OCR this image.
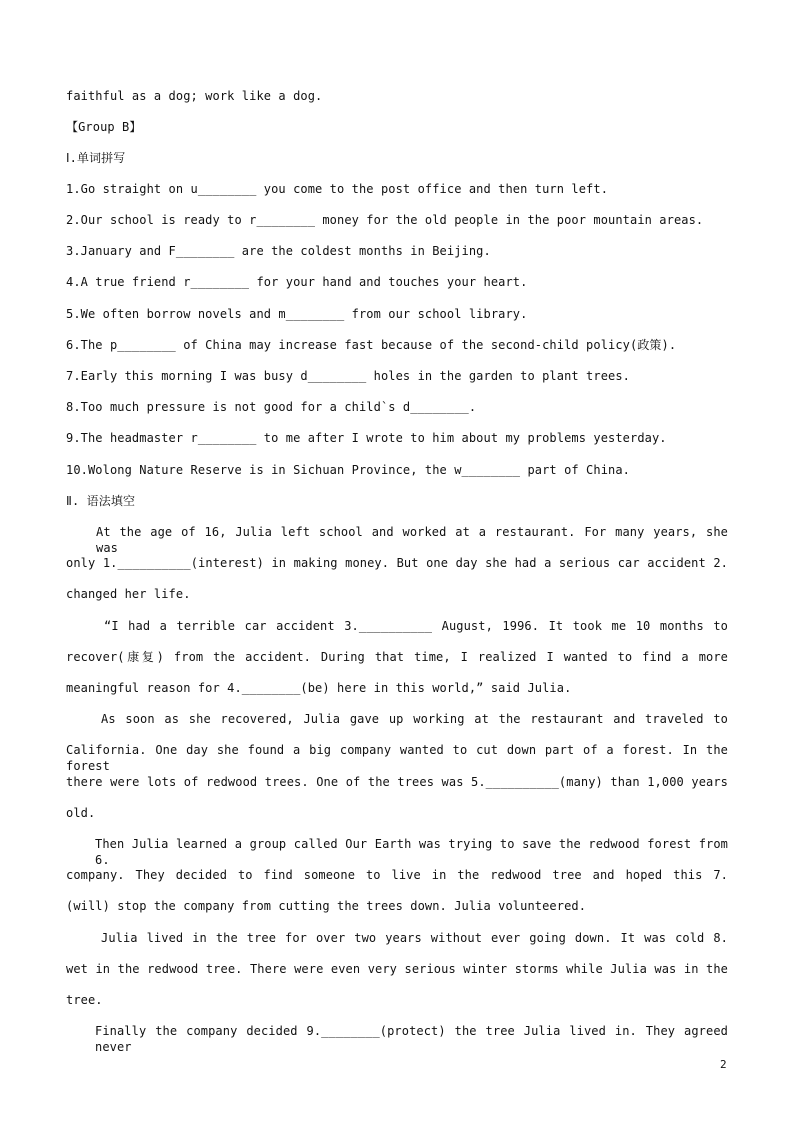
faithful as a dog; work like a dog.
【Group B】
Ⅰ.单词拼写
1.Go straight on u________ you come to the post office and then turn left.
2.Our school is ready to r________ money for the old people in the poor mountain areas.
3.January and F________ are the coldest months in Beijing.
4.A true friend r________ for your hand and touches your heart.
5.We often borrow novels and m________ from our school library.
6.The p________ of China may increase fast because of the second-child policy(政策).
7.Early this morning I was busy d________ holes in the garden to plant trees.
8.Too much pressure is not good for a child`s d________.
9.The headmaster r________ to me after I wrote to him about my problems yesterday.
10.Wolong Nature Reserve is in Sichuan Province, the w________ part of China.
Ⅱ. 语法填空
At the age of 16, Julia left school and worked at a restaurant. For many years, she was
only 1.__________(interest) in making money. But one day she had a serious car accident 2.
changed her life.
“I had a terrible car accident 3.__________ August, 1996. It took me 10 months to
recover(康复) from the accident. During that time, I realized I wanted to find a more
meaningful reason for 4.________(be) here in this world,” said Julia.
As soon as she recovered, Julia gave up working at the restaurant and traveled to
California. One day she found a big company wanted to cut down part of a forest. In the forest
there were lots of redwood trees. One of the trees was 5.__________(many) than 1,000 years
old.
Then Julia learned a group called Our Earth was trying to save the redwood forest from 6.
company. They decided to find someone to live in the redwood tree and hoped this 7.
(will) stop the company from cutting the trees down. Julia volunteered.
Julia lived in the tree for over two years without ever going down. It was cold 8.
wet in the redwood tree. There were even very serious winter storms while Julia was in the
tree.
Finally the company decided 9.________(protect) the tree Julia lived in. They agreed never
2
